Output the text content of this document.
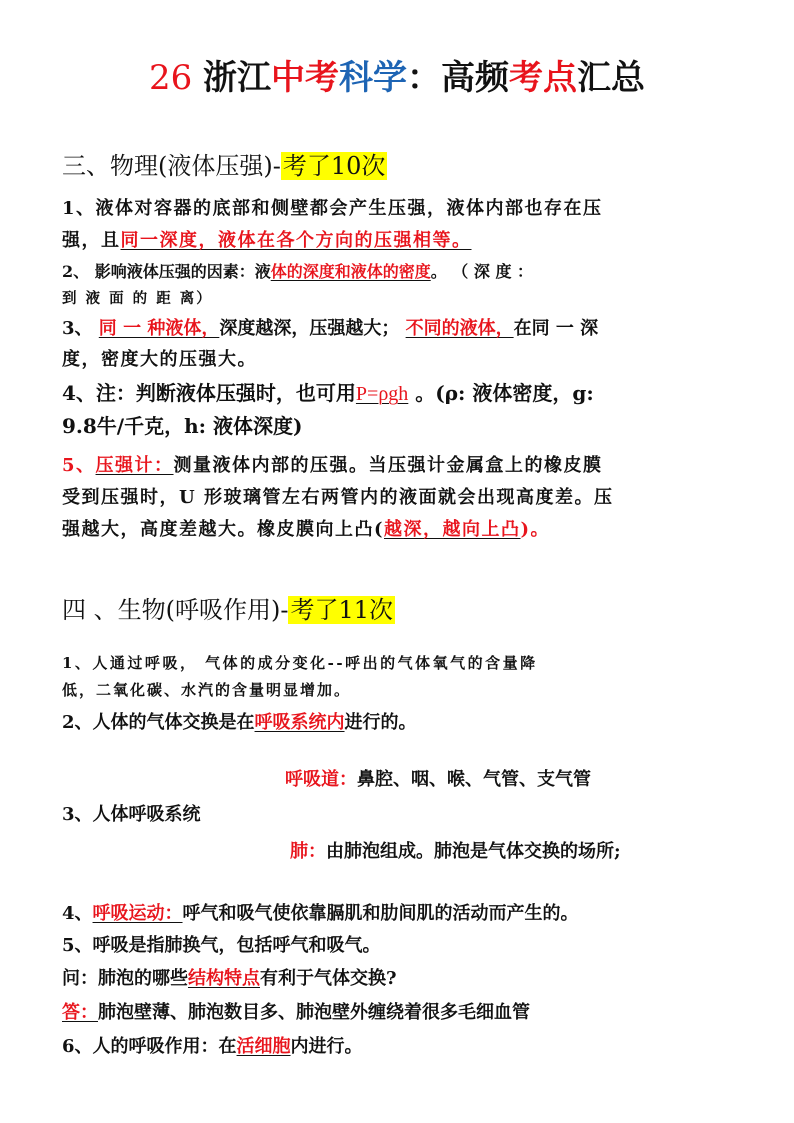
26 浙江中考科学：高频考点汇总
三、物理(液体压强)-考了10次
1、液体对容器的底部和侧壁都会产生压强，液体内部也存在压
强，且同一深度，液体在各个方向的压强相等。
2、 影响液体压强的因素：液体的深度和液体的密度。 （ 深 度 ：
到 液 面 的 距 离）
3、 同 一 种液体，深度越深，压强越大； 不同的液体，在同 一 深
度，密度大的压强大。
4、注：判断液体压强时，也可用P=ρgh 。(ρ: 液体密度，g:
9.8牛/千克，h: 液体深度)
5、压强计：测量液体内部的压强。当压强计金属盒上的橡皮膜
受到压强时，U 形玻璃管左右两管内的液面就会出现高度差。压
强越大，高度差越大。橡皮膜向上凸(越深，越向上凸)。
四 、生物(呼吸作用)-考了11次
1、人通过呼吸， 气体的成分变化--呼出的气体氧气的含量降
低，二氧化碳、水汽的含量明显增加。
2、人体的气体交换是在呼吸系统内进行的。
呼吸道：鼻腔、咽、喉、气管、支气管
3、人体呼吸系统
肺：由肺泡组成。肺泡是气体交换的场所;
4、呼吸运动：呼气和吸气使依靠膈肌和肋间肌的活动而产生的。
5、呼吸是指肺换气，包括呼气和吸气。
问：肺泡的哪些结构特点有利于气体交换?
答：肺泡壁薄、肺泡数目多、肺泡壁外缠绕着很多毛细血管
6、人的呼吸作用：在活细胞内进行。
